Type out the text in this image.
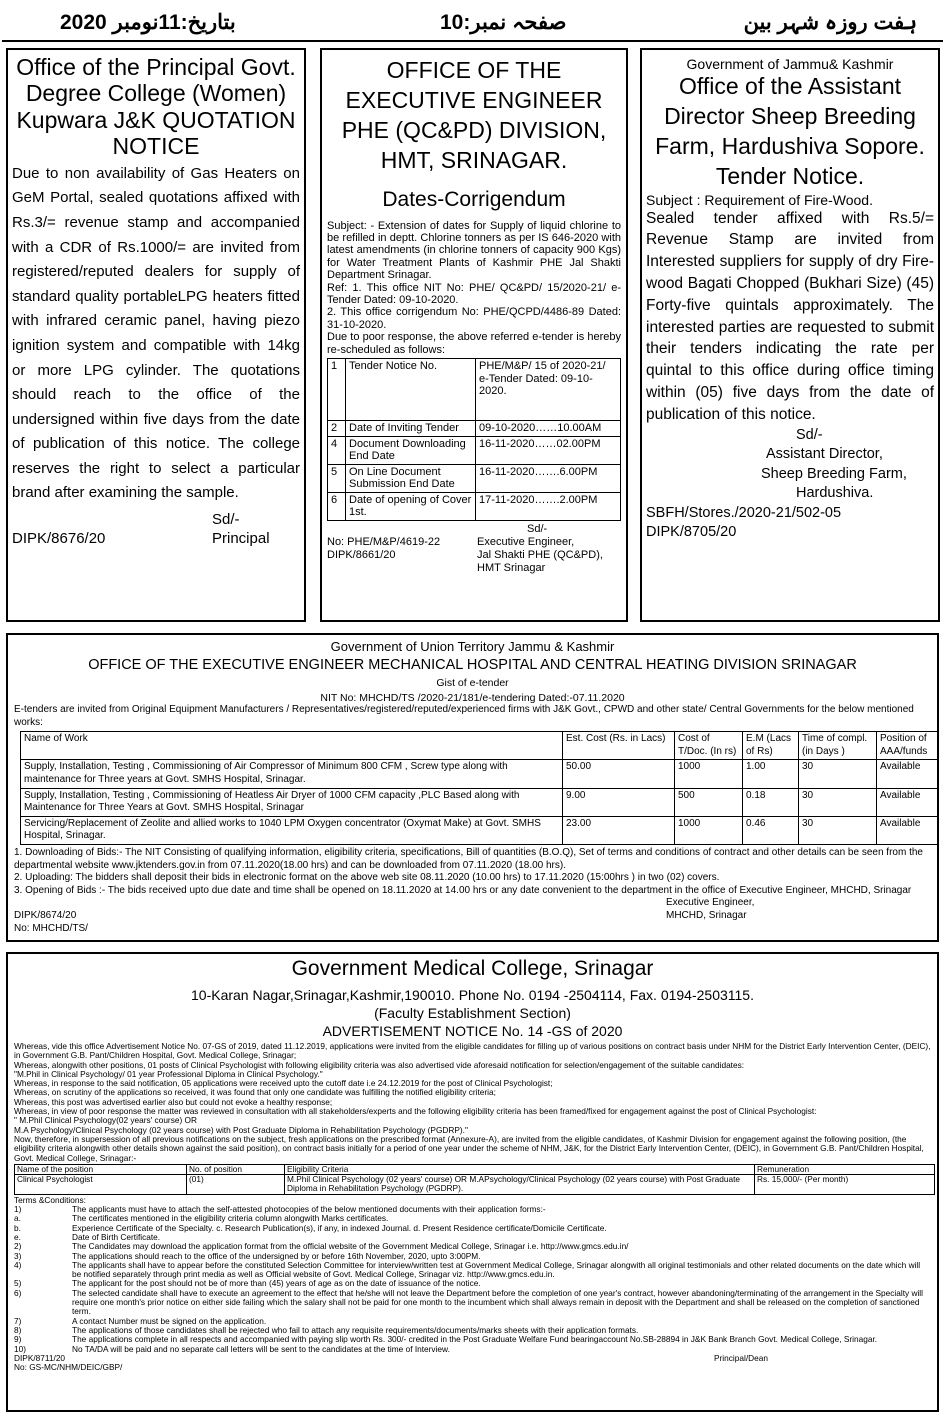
بتاریخ:11نومبر 2020	صفحہ نمبر:10	ہفت روزہ شہر بین
Office of the Principal Govt. Degree College (Women) Kupwara J&K QUOTATION NOTICE
Due to non availability of Gas Heaters on GeM Portal, sealed quotations affixed with Rs.3/= revenue stamp and accompanied with a CDR of Rs.1000/= are invited from registered/reputed dealers for supply of standard quality portableLPG heaters fitted with infrared ceramic panel, having piezo ignition system and compatible with 14kg or more LPG cylinder. The quotations should reach to the office of the undersigned within five days from the date of publication of this notice. The college reserves the right to select a particular brand after examining the sample.
Sd/-
DIPK/8676/20	Principal
OFFICE OF THE EXECUTIVE ENGINEER PHE (QC&PD) DIVISION, HMT, SRINAGAR.
Dates-Corrigendum
Subject: - Extension of dates for Supply of liquid chlorine to be refilled in deptt. Chlorine tonners as per IS 646-2020 with latest amendments (in chlorine tonners of capacity 900 Kgs) for Water Treatment Plants of Kashmir PHE Jal Shakti Department Srinagar.
Ref: 1. This office NIT No: PHE/ QC&PD/ 15/2020-21/ e-Tender Dated: 09-10-2020.
2. This office corrigendum No: PHE/QCPD/4486-89 Dated: 31-10-2020.
Due to poor response, the above referred e-tender is hereby re-scheduled as follows:
1	Tender Notice No.	PHE/M&P/ 15 of 2020-21/ e-Tender Dated: 09-10-2020.
2	Date of Inviting Tender	09-10-2020……10.00AM
4	Document Downloading End Date	16-11-2020……02.00PM
5	On Line Document Submission End Date	16-11-2020…….6.00PM
6	Date of opening of Cover 1st.	17-11-2020…….2.00PM
Sd/-
No: PHE/M&P/4619-22
DIPK/8661/20
Executive Engineer,
Jal Shakti PHE (QC&PD),
HMT Srinagar
Government of Jammu& Kashmir
Office of the Assistant Director Sheep Breeding Farm, Hardushiva Sopore.
Tender Notice.
Subject : Requirement of Fire-Wood.
Sealed tender affixed with Rs.5/= Revenue Stamp are invited from Interested suppliers for supply of dry Fire-wood Bagati Chopped (Bukhari Size) (45) Forty-five quintals approximately. The interested parties are requested to submit their tenders indicating the rate per quintal to this office during office timing within (05) five days from the date of publication of this notice.
Sd/-
Assistant Director,
Sheep Breeding Farm,
Hardushiva.
SBFH/Stores./2020-21/502-05
DIPK/8705/20
Government of Union Territory Jammu & Kashmir
OFFICE OF THE EXECUTIVE ENGINEER MECHANICAL HOSPITAL AND CENTRAL HEATING DIVISION SRINAGAR
Gist of e-tender
NIT No: MHCHD/TS /2020-21/181/e-tendering Dated:-07.11.2020
E-tenders are invited from Original Equipment Manufacturers / Representatives/registered/reputed/experienced firms with J&K Govt., CPWD and other state/ Central Governments for the below mentioned works:
Name of Work	Est. Cost (Rs. in Lacs)	Cost of T/Doc. (In rs)	E.M (Lacs of Rs)	Time of compl. (in Days )	Position of AAA/funds
Supply, Installation, Testing , Commissioning of Air Compressor of Minimum 800 CFM , Screw type along with maintenance for Three years at Govt. SMHS Hospital, Srinagar.	50.00	1000	1.00	30	Available
Supply, Installation, Testing , Commissioning of Heatless Air Dryer of 1000 CFM capacity ,PLC Based along with Maintenance for Three Years at Govt. SMHS Hospital, Srinagar	9.00	500	0.18	30	Available
Servicing/Replacement of Zeolite and allied works to 1040 LPM Oxygen concentrator (Oxymat Make) at Govt. SMHS Hospital, Srinagar.	23.00	1000	0.46	30	Available
1. Downloading of Bids:- The NIT Consisting of qualifying information, eligibility criteria, specifications, Bill of quantities (B.O.Q), Set of terms and conditions of contract and other details can be seen from the departmental website www.jktenders.gov.in from 07.11.2020(18.00 hrs) and can be downloaded from 07.11.2020 (18.00 hrs).
2. Uploading: The bidders shall deposit their bids in electronic format on the above web site 08.11.2020 (10.00 hrs) to 17.11.2020 (15:00hrs ) in two (02) covers.
3. Opening of Bids :- The bids received upto due date and time shall be opened on 18.11.2020 at 14.00 hrs or any date convenient to the department in the office of Executive Engineer, MHCHD, Srinagar
Executive Engineer,
MHCHD, Srinagar
DIPK/8674/20
No: MHCHD/TS/
Government Medical College, Srinagar
10-Karan Nagar,Srinagar,Kashmir,190010. Phone No. 0194 -2504114, Fax. 0194-2503115.
(Faculty Establishment Section)
ADVERTISEMENT NOTICE No. 14 -GS of 2020
Whereas, vide this office Advertisement Notice No. 07-GS of 2019, dated 11.12.2019, applications were invited from the eligible candidates for filling up of various positions on contract basis under NHM for the District Early Intervention Center, (DEIC), in Government G.B. Pant/Children Hospital, Govt. Medical College, Srinagar;
Whereas, alongwith other positions, 01 posts of Clinical Psychologist with following eligibility criteria was also advertised vide aforesaid notification for selection/engagement of the suitable candidates:
"M.Phil in Clinical Psychology/ 01 year Professional Diploma in Clinical Psychology."
Whereas, in response to the said notification, 05 applications were received upto the cutoff date i.e 24.12.2019 for the post of Clinical Psychologist;
Whereas, on scrutiny of the applications so received, it was found that only one candidate was fulfilling the notified eligibility criteria;
Whereas, this post was advertised earlier also but could not evoke a healthy response;
Whereas, in view of poor response the matter was reviewed in consultation with all stakeholders/experts and the following eligibility criteria has been framed/fixed for engagement against the post of Clinical Psychologist:
" M.Phil Clinical Psychology(02 years' course) OR
M.A Psychology/Clinical Psychology (02 years course) with Post Graduate Diploma in Rehabilitation Psychology (PGDRP)."
Now, therefore, in supersession of all previous notifications on the subject, fresh applications on the prescribed format (Annexure-A), are invited from the eligible candidates, of Kashmir Division for engagement against the following position, (the eligibility criteria alongwith other details shown against the said position), on contract basis initially for a period of one year under the scheme of NHM, J&K, for the District Early Intervention Center, (DEIC), in Government G.B. Pant/Children Hospital, Govt. Medical College, Srinagar:-
Name of the position	No. of position	Eligibility Criteria	Remuneration
Clinical Psychologist	(01)	M.Phil Clinical Psychology (02 years' course) OR M.APsychology/Clinical Psychology (02 years course) with Post Graduate Diploma in Rehabilitation Psychology (PGDRP).	Rs. 15,000/- (Per month)
Terms &Conditions:
1)	The applicants must have to attach the self-attested photocopies of the below mentioned documents with their application forms:-
a.	The certificates mentioned in the eligibility criteria column alongwith Marks certificates.
b.	Experience Certificate of the Specialty. c. Research Publication(s), if any, in indexed Journal. d. Present Residence certificate/Domicile Certificate.
e.	Date of Birth Certificate.
2)	The Candidates may download the application format from the official website of the Government Medical College, Srinagar i.e. http://www.gmcs.edu.in/
3)	The applications should reach to the office of the undersigned by or before 16th November, 2020, upto 3:00PM.
4)	The applicants shall have to appear before the constituted Selection Committee for interview/written test at Government Medical College, Srinagar alongwith all original testimonials and other related documents on the date which will be notified separately through print media as well as Official website of Govt. Medical College, Srinagar viz. http://www.gmcs.edu.in.
5)	The applicant for the post should not be of more than (45) years of age as on the date of issuance of the notice.
6)	The selected candidate shall have to execute an agreement to the effect that he/she will not leave the Department before the completion of one year's contract, however abandoning/terminating of the arrangement in the Specialty will require one month's prior notice on either side failing which the salary shall not be paid for one month to the incumbent which shall always remain in deposit with the Department and shall be released on the completion of sanctioned term.
7)	A contact Number must be signed on the application.
8)	The applications of those candidates shall be rejected who fail to attach any requisite requirements/documents/marks sheets with their application formats.
9)	The applications complete in all respects and accompanied with paying slip worth Rs. 300/- credited in the Post Graduate Welfare Fund bearingaccount No.SB-28894 in J&K Bank Branch Govt. Medical College, Srinagar.
10)	No TA/DA will be paid and no separate call letters will be sent to the candidates at the time of Interview.
DIPK/8711/20	Principal/Dean
No: GS-MC/NHM/DEIC/GBP/
